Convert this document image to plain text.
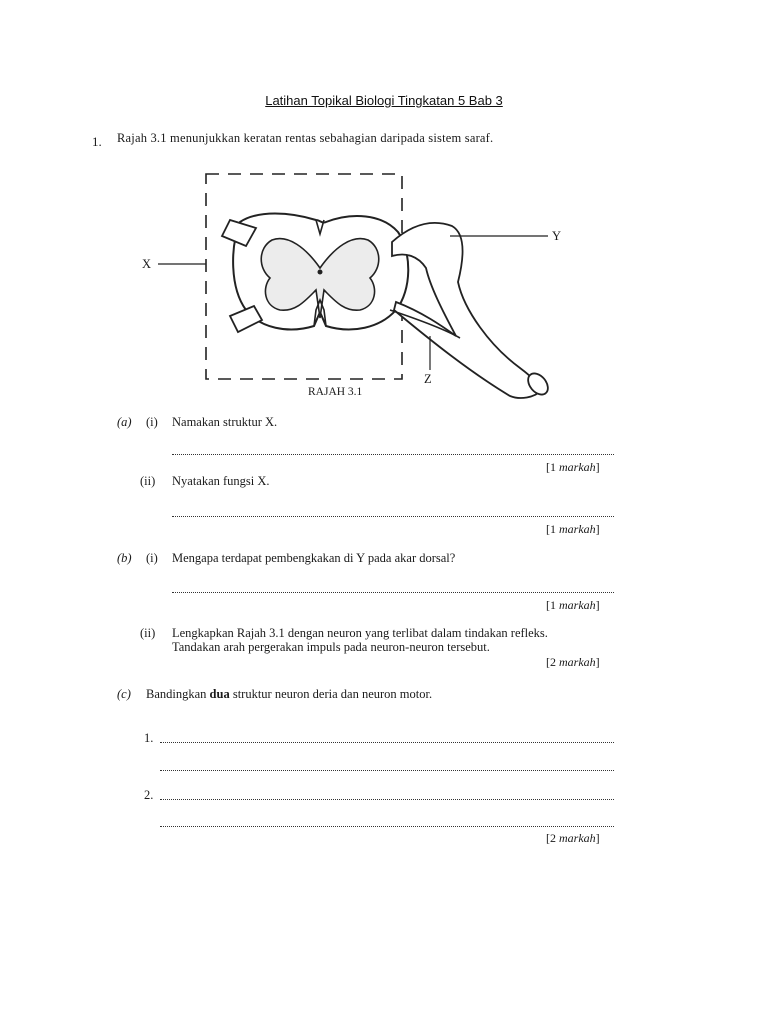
Latihan Topikal Biologi Tingkatan 5 Bab 3
1. Rajah 3.1 menunjukkan keratan rentas sebahagian daripada sistem saraf.
X
Y
Z
RAJAH 3.1
(a) (i) Namakan struktur X.
[1 markah]
(ii) Nyatakan fungsi X.
[1 markah]
(b) (i) Mengapa terdapat pembengkakan di Y pada akar dorsal?
[1 markah]
(ii) Lengkapkan Rajah 3.1 dengan neuron yang terlibat dalam tindakan refleks.
Tandakan arah pergerakan impuls pada neuron-neuron tersebut.
[2 markah]
(c) Bandingkan dua struktur neuron deria dan neuron motor.
1.
2.
[2 markah]
